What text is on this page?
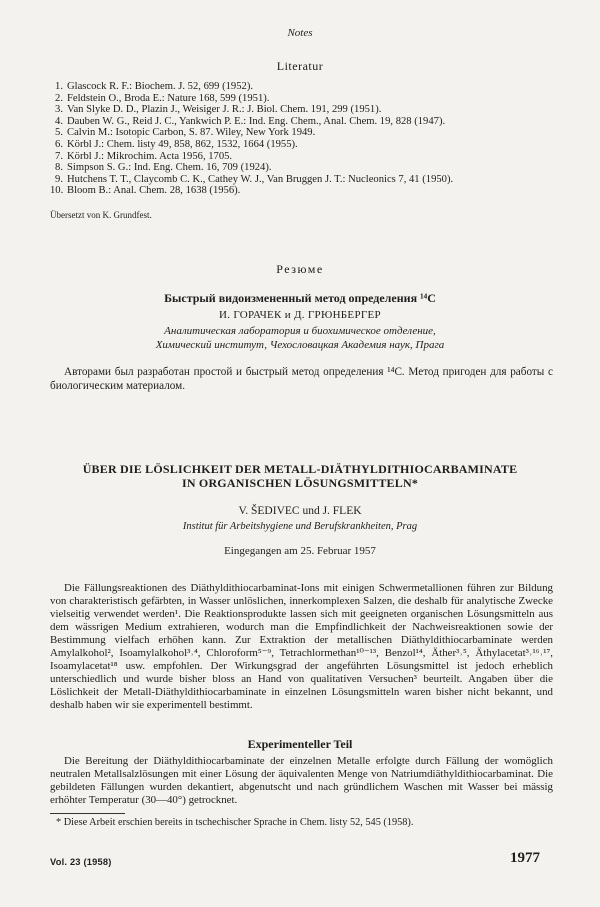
Notes
Literatur
1. Glascock R. F.: Biochem. J. 52, 699 (1952).
2. Feldstein O., Broda E.: Nature 168, 599 (1951).
3. Van Slyke D. D., Plazin J., Weisiger J. R.: J. Biol. Chem. 191, 299 (1951).
4. Dauben W. G., Reid J. C., Yankwich P. E.: Ind. Eng. Chem., Anal. Chem. 19, 828 (1947).
5. Calvin M.: Isotopic Carbon, S. 87. Wiley, New York 1949.
6. Körbl J.: Chem. listy 49, 858, 862, 1532, 1664 (1955).
7. Körbl J.: Mikrochim. Acta 1956, 1705.
8. Simpson S. G.: Ind. Eng. Chem. 16, 709 (1924).
9. Hutchens T. T., Claycomb C. K., Cathey W. J., Van Bruggen J. T.: Nucleonics 7, 41 (1950).
10. Bloom B.: Anal. Chem. 28, 1638 (1956).
Übersetzt von K. Grundfest.
Резюме
Быстрый видоизмененный метод определения ¹⁴C
И. ГОРАЧЕК и Д. ГРЮНБЕРГЕР
Аналитическая лаборатория и биохимическое отделение,
Химический институт, Чехословацкая Академия наук, Прага
Авторами был разработан простой и быстрый метод определения ¹⁴C. Метод пригоден для работы с биологическим материалом.
ÜBER DIE LÖSLICHKEIT DER METALL-DIÄTHYLDITHIOCARBAMINATE
IN ORGANISCHEN LÖSUNGSMITTELN*
V. ŠEDIVEC und J. FLEK
Institut für Arbeitshygiene und Berufskrankheiten, Prag
Eingegangen am 25. Februar 1957
Die Fällungsreaktionen des Diäthyldithiocarbaminat-Ions mit einigen Schwermetallionen führen zur Bildung von charakteristisch gefärbten, in Wasser unlöslichen, innerkomplexen Salzen, die deshalb für analytische Zwecke vielseitig verwendet werden¹. Die Reaktionsprodukte lassen sich mit geeigneten organischen Lösungsmitteln aus dem wässrigen Medium extrahieren, wodurch man die Empfindlichkeit der Nachweisreaktionen sowie der Bestimmung vielfach erhöhen kann. Zur Extraktion der metallischen Diäthyldithiocarbaminate werden Amylalkohol², Isoamylalkohol³˒⁴, Chloroform⁵⁻⁹, Tetrachlormethan¹⁰⁻¹³, Benzol¹⁴, Äther³˒⁵, Äthylacetat³˒¹⁶˒¹⁷, Isoamylacetat¹⁸ usw. empfohlen. Der Wirkungsgrad der angeführten Lösungsmittel ist jedoch erheblich unterschiedlich und wurde bisher bloss an Hand von qualitativen Versuchen³ beurteilt. Angaben über die Löslichkeit der Metall-Diäthyldithiocarbaminate in einzelnen Lösungsmitteln waren bisher nicht bekannt, und deshalb haben wir sie experimentell bestimmt.
Experimenteller Teil
Die Bereitung der Diäthyldithiocarbaminate der einzelnen Metalle erfolgte durch Fällung der womöglich neutralen Metallsalzlösungen mit einer Lösung der äquivalenten Menge von Natriumdiäthyldithiocarbaminat. Die gebildeten Fällungen wurden dekantiert, abgenutscht und nach gründlichem Waschen mit Wasser bei mässig erhöhter Temperatur (30—40°) getrocknet.
* Diese Arbeit erschien bereits in tschechischer Sprache in Chem. listy 52, 545 (1958).
Vol. 23 (1958)	1977
